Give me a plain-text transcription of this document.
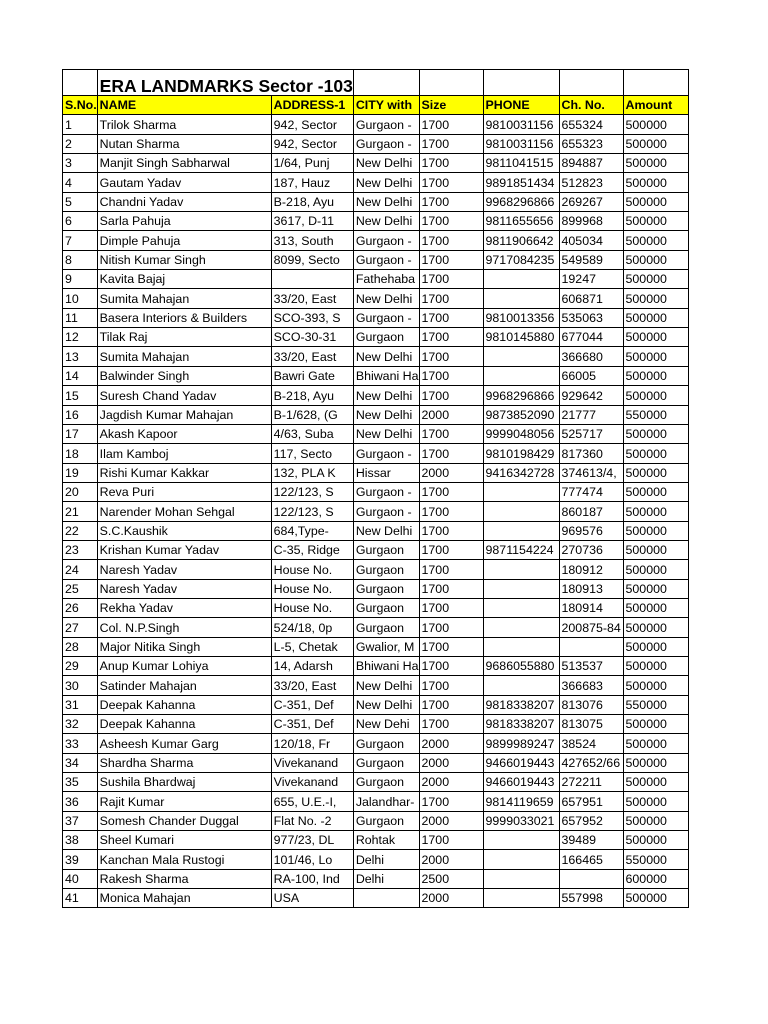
	ERA LANDMARKS Sector -103						
S.No.	NAME	ADDRESS-1	CITY with	Size	PHONE	Ch. No.	Amount
1	Trilok Sharma	942, Sector	Gurgaon -	1700	9810031156	655324	500000
2	Nutan Sharma	942, Sector	Gurgaon -	1700	9810031156	655323	500000
3	Manjit Singh Sabharwal	1/64, Punj	New Delhi	1700	9811041515	894887	500000
4	Gautam Yadav	187, Hauz	New Delhi	1700	9891851434	512823	500000
5	Chandni Yadav	B-218, Ayu	New Delhi	1700	9968296866	269267	500000
6	Sarla Pahuja	3617, D-11	New Delhi	1700	9811655656	899968	500000
7	Dimple Pahuja	313, South	Gurgaon -	1700	9811906642	405034	500000
8	Nitish Kumar Singh	8099, Secto	Gurgaon -	1700	9717084235	549589	500000
9	Kavita Bajaj		Fathehaba	1700		19247	500000
10	Sumita Mahajan	33/20, East	New Delhi	1700		606871	500000
11	Basera Interiors & Builders	SCO-393, S	Gurgaon -	1700	9810013356	535063	500000
12	Tilak Raj	SCO-30-31	Gurgaon	1700	9810145880	677044	500000
13	Sumita Mahajan	33/20, East	New Delhi	1700		366680	500000
14	Balwinder Singh	Bawri Gate	Bhiwani Ha	1700		66005	500000
15	Suresh Chand Yadav	B-218, Ayu	New Delhi	1700	9968296866	929642	500000
16	Jagdish Kumar Mahajan	B-1/628, (G	New Delhi	2000	9873852090	21777	550000
17	Akash Kapoor	4/63, Suba	New Delhi	1700	9999048056	525717	500000
18	Ilam Kamboj	117, Secto	Gurgaon -	1700	9810198429	817360	500000
19	Rishi Kumar Kakkar	132, PLA K	Hissar	2000	9416342728	374613/4,	500000
20	Reva Puri	122/123, S	Gurgaon -	1700		777474	500000
21	Narender Mohan Sehgal	122/123, S	Gurgaon -	1700		860187	500000
22	S.C.Kaushik	684,Type-	New Delhi	1700		969576	500000
23	Krishan Kumar Yadav	C-35, Ridge	Gurgaon	1700	9871154224	270736	500000
24	Naresh Yadav	House No.	Gurgaon	1700		180912	500000
25	Naresh Yadav	House No.	Gurgaon	1700		180913	500000
26	Rekha Yadav	House No.	Gurgaon	1700		180914	500000
27	Col. N.P.Singh	524/18, 0p	Gurgaon	1700		200875-84	500000
28	Major Nitika Singh	L-5, Chetak	Gwalior, M	1700			500000
29	Anup Kumar Lohiya	14, Adarsh	Bhiwani Ha	1700	9686055880	513537	500000
30	Satinder Mahajan	33/20, East	New Delhi	1700		366683	500000
31	Deepak Kahanna	C-351, Def	New Delhi	1700	9818338207	813076	550000
32	Deepak Kahanna	C-351, Def	New Dehi	1700	9818338207	813075	500000
33	Asheesh Kumar Garg	120/18, Fr	Gurgaon	2000	9899989247	38524	500000
34	Shardha Sharma	Vivekanand	Gurgaon	2000	9466019443	427652/66	500000
35	Sushila Bhardwaj	Vivekanand	Gurgaon	2000	9466019443	272211	500000
36	Rajit Kumar	655, U.E.-I,	Jalandhar-	1700	9814119659	657951	500000
37	Somesh Chander Duggal	Flat No. -2	Gurgaon	2000	9999033021	657952	500000
38	Sheel Kumari	977/23, DL	Rohtak	1700		39489	500000
39	Kanchan Mala Rustogi	101/46, Lo	Delhi	2000		166465	550000
40	Rakesh Sharma	RA-100, Ind	Delhi	2500			600000
41	Monica Mahajan	USA		2000		557998	500000
